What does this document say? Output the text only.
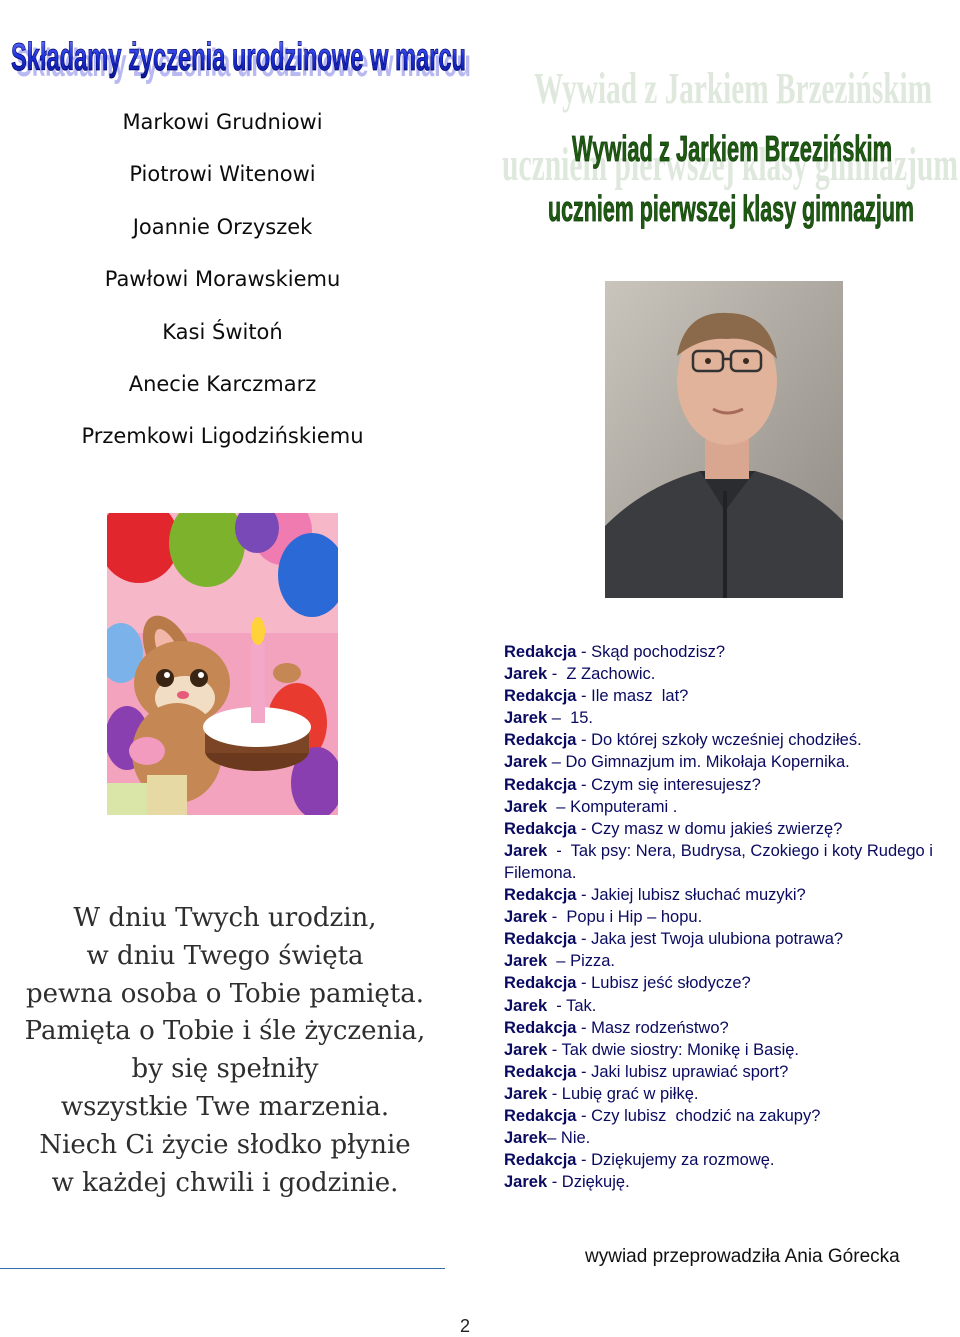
Składamy życzenia urodzinowe w marcu
Składamy życzenia urodzinowe w marcu
Markowi Grudniowi
Piotrowi Witenowi
Joannie Orzyszek
Pawłowi Morawskiemu
Kasi Świtoń
Anecie Karczmarz
Przemkowi Ligodzińskiemu
W dniu Twych urodzin,
w dniu Twego święta
pewna osoba o Tobie pamięta.
Pamięta o Tobie i śle życzenia,
by się spełniły
wszystkie Twe marzenia.
Niech Ci życie słodko płynie
w każdej chwili i godzinie.
Wywiad z Jarkiem Brzezińskim
uczniem pierwszej klasy gimnazjum
Wywiad z Jarkiem Brzezińskim
uczniem pierwszej klasy gimnazjum
Redakcja - Skąd pochodzisz?
Jarek -  Z Zachowic.
Redakcja - Ile masz  lat?
Jarek –  15.
Redakcja - Do której szkoły wcześniej chodziłeś.
Jarek – Do Gimnazjum im. Mikołaja Kopernika.
Redakcja - Czym się interesujesz?
Jarek  – Komputerami .
Redakcja - Czy masz w domu jakieś zwierzę?
Jarek  -  Tak psy: Nera, Budrysa, Czokiego i koty Rudego i Filemona.
Redakcja - Jakiej lubisz słuchać muzyki?
Jarek -  Popu i Hip – hopu.
Redakcja - Jaka jest Twoja ulubiona potrawa?
Jarek  – Pizza.
Redakcja - Lubisz jeść słodycze?
Jarek  - Tak.
Redakcja - Masz rodzeństwo?
Jarek - Tak dwie siostry: Monikę i Basię.
Redakcja - Jaki lubisz uprawiać sport?
Jarek - Lubię grać w piłkę.
Redakcja - Czy lubisz  chodzić na zakupy?
Jarek– Nie.
Redakcja - Dziękujemy za rozmowę.
Jarek - Dziękuję.
wywiad przeprowadziła Ania Górecka
2
